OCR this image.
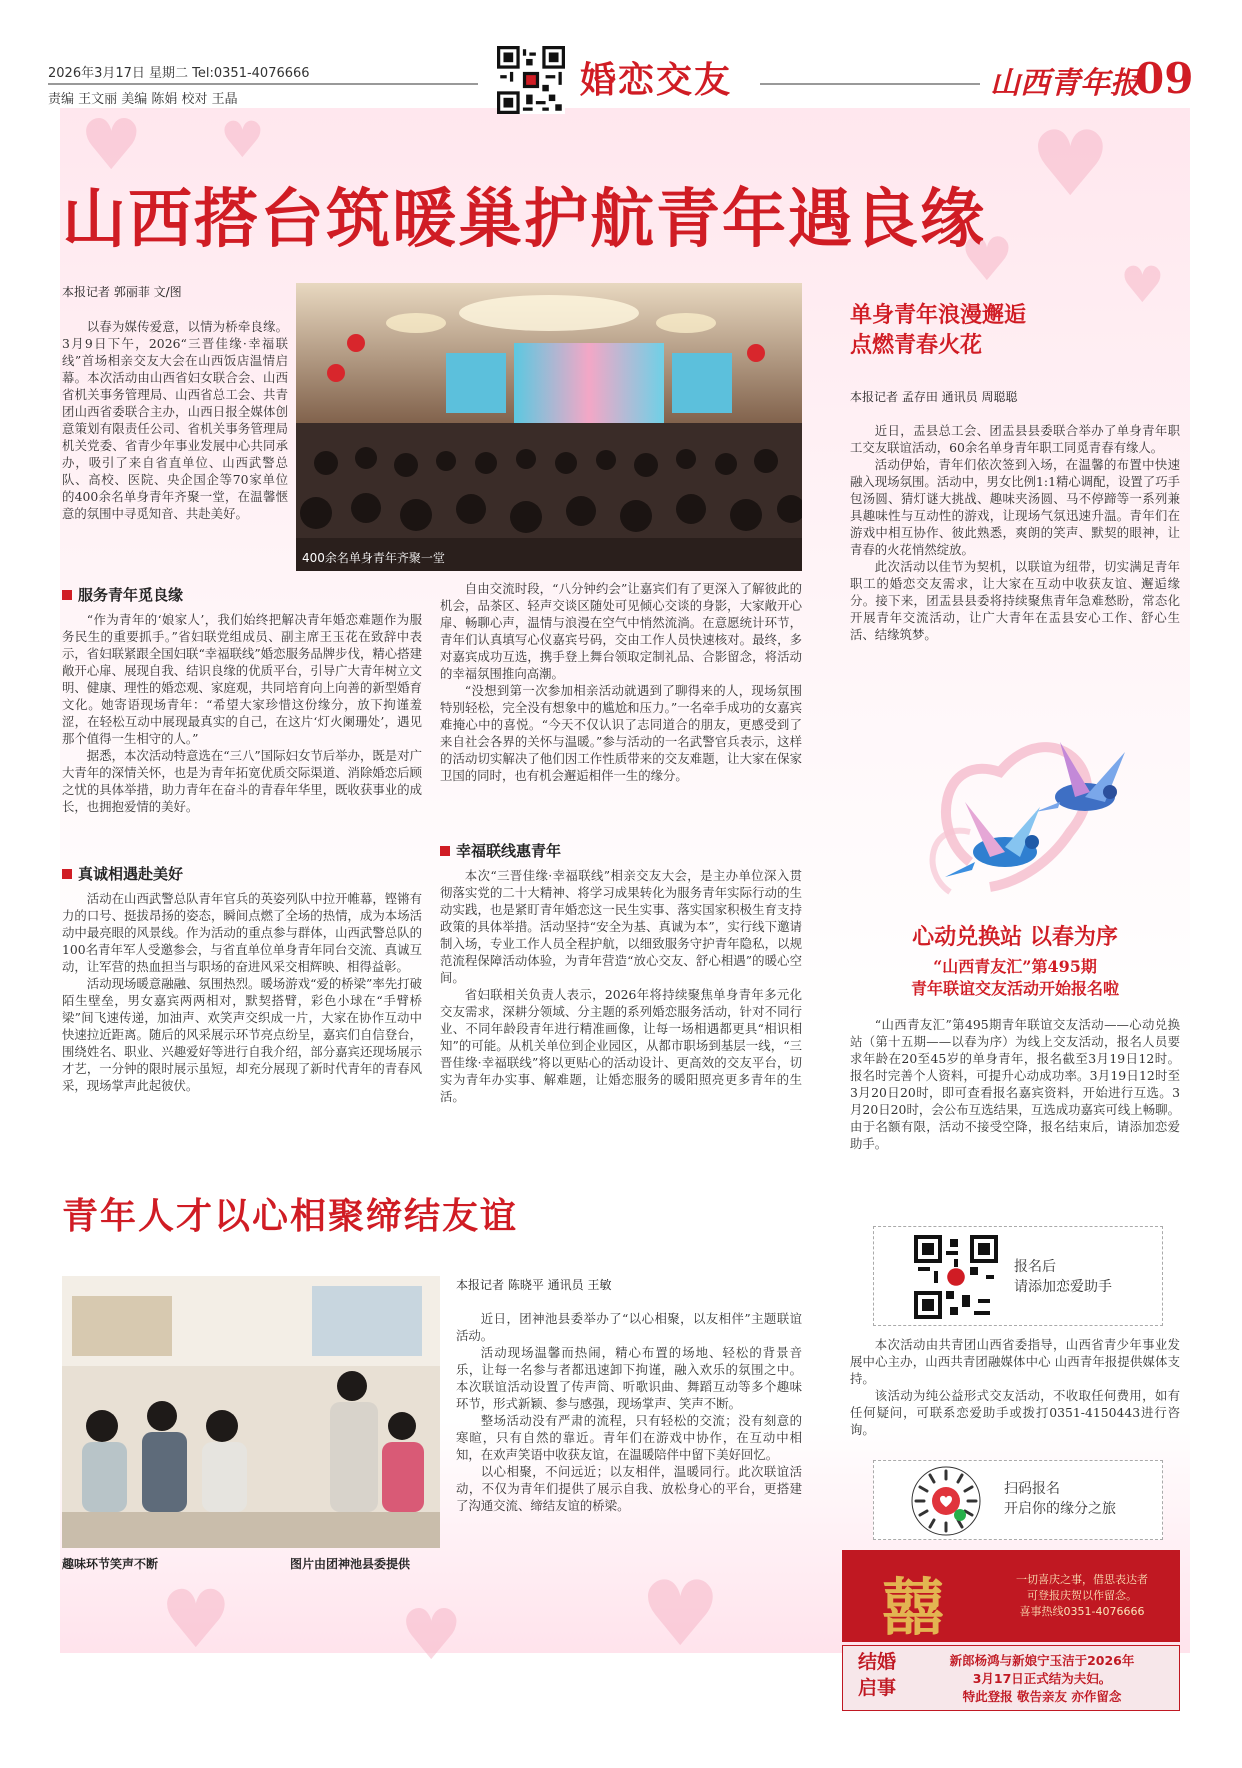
♥ ♥	♥
♥ ♥
♥ ♥ ♥
2026年3月17日 星期二 Tel:0351-4076666
责编 王文丽 美编 陈娟 校对 王晶	婚恋交友	山西青年报
09
山西搭台筑暖巢护航青年遇良缘
本报记者 郭丽菲 文/图

以春为媒传爱意，以情为桥牵良缘。3月9日下午，2026“三晋佳缘·幸福联线”首场相亲交友大会在山西饭店温情启幕。本次活动由山西省妇女联合会、山西省机关事务管理局、山西省总工会、共青团山西省委联合主办，山西日报全媒体创意策划有限责任公司、省机关事务管理局机关党委、省青少年事业发展中心共同承办，吸引了来自省直单位、山西武警总队、高校、医院、央企国企等70家单位的400余名单身青年齐聚一堂，在温馨惬意的氛围中寻觅知音、共赴美好。

400余名单身青年齐聚一堂
服务青年觅良缘

“作为青年的‘娘家人’，我们始终把解决青年婚恋难题作为服务民生的重要抓手。”省妇联党组成员、副主席王玉花在致辞中表示，省妇联紧跟全国妇联“幸福联线”婚恋服务品牌步伐，精心搭建敞开心扉、展现自我、结识良缘的优质平台，引导广大青年树立文明、健康、理性的婚恋观、家庭观，共同培育向上向善的新型婚育文化。她寄语现场青年：“希望大家珍惜这份缘分，放下拘谨羞涩，在轻松互动中展现最真实的自己，在这片‘灯火阑珊处’，遇见那个值得一生相守的人。”

据悉，本次活动特意选在“三八”国际妇女节后举办，既是对广大青年的深情关怀，也是为青年拓宽优质交际渠道、消除婚恋后顾之忧的具体举措，助力青年在奋斗的青春年华里，既收获事业的成长，也拥抱爱情的美好。

真诚相遇赴美好

活动在山西武警总队青年官兵的英姿列队中拉开帷幕，铿锵有力的口号、挺拔昂扬的姿态，瞬间点燃了全场的热情，成为本场活动中最亮眼的风景线。作为活动的重点参与群体，山西武警总队的100名青年军人受邀参会，与省直单位单身青年同台交流、真诚互动，让军营的热血担当与职场的奋进风采交相辉映、相得益彰。

活动现场暖意融融、氛围热烈。暖场游戏“爱的桥梁”率先打破陌生壁垒，男女嘉宾两两相对，默契搭臂，彩色小球在“手臂桥梁”间飞速传递，加油声、欢笑声交织成一片，大家在协作互动中快速拉近距离。随后的风采展示环节亮点纷呈，嘉宾们自信登台，围绕姓名、职业、兴趣爱好等进行自我介绍，部分嘉宾还现场展示才艺，一分钟的限时展示虽短，却充分展现了新时代青年的青春风采，现场掌声此起彼伏。

自由交流时段，“八分钟约会”让嘉宾们有了更深入了解彼此的机会，品茶区、轻声交谈区随处可见倾心交谈的身影，大家敞开心扉、畅聊心声，温情与浪漫在空气中悄然流淌。在意愿统计环节，青年们认真填写心仪嘉宾号码，交由工作人员快速核对。最终，多对嘉宾成功互选，携手登上舞台领取定制礼品、合影留念，将活动的幸福氛围推向高潮。

“没想到第一次参加相亲活动就遇到了聊得来的人，现场氛围特别轻松，完全没有想象中的尴尬和压力。”一名牵手成功的女嘉宾难掩心中的喜悦。“今天不仅认识了志同道合的朋友，更感受到了来自社会各界的关怀与温暖。”参与活动的一名武警官兵表示，这样的活动切实解决了他们因工作性质带来的交友难题，让大家在保家卫国的同时，也有机会邂逅相伴一生的缘分。

幸福联线惠青年

本次“三晋佳缘·幸福联线”相亲交友大会，是主办单位深入贯彻落实党的二十大精神、将学习成果转化为服务青年实际行动的生动实践，也是紧盯青年婚恋这一民生实事、落实国家积极生育支持政策的具体举措。活动坚持“安全为基、真诚为本”，实行线下邀请制入场，专业工作人员全程护航，以细致服务守护青年隐私，以规范流程保障活动体验，为青年营造“放心交友、舒心相遇”的暖心空间。

省妇联相关负责人表示，2026年将持续聚焦单身青年多元化交友需求，深耕分领域、分主题的系列婚恋服务活动，针对不同行业、不同年龄段青年进行精准画像，让每一场相遇都更具“相识相知”的可能。从机关单位到企业园区，从都市职场到基层一线，“三晋佳缘·幸福联线”将以更贴心的活动设计、更高效的交友平台，切实为青年办实事、解难题，让婚恋服务的暖阳照亮更多青年的生活。

单身青年浪漫邂逅
点燃青春火花
本报记者 孟存田 通讯员 周聪聪

近日，盂县总工会、团盂县县委联合举办了单身青年职工交友联谊活动，60余名单身青年职工同觅青春有缘人。

活动伊始，青年们依次签到入场，在温馨的布置中快速融入现场氛围。活动中，男女比例1:1精心调配，设置了巧手包汤圆、猜灯谜大挑战、趣味夹汤圆、马不停蹄等一系列兼具趣味性与互动性的游戏，让现场气氛迅速升温。青年们在游戏中相互协作、彼此熟悉，爽朗的笑声、默契的眼神，让青春的火花悄然绽放。

此次活动以佳节为契机，以联谊为纽带，切实满足青年职工的婚恋交友需求，让大家在互动中收获友谊、邂逅缘分。接下来，团盂县县委将持续聚焦青年急难愁盼，常态化开展青年交流活动，让广大青年在盂县安心工作、舒心生活、结缘筑梦。

心动兑换站 以春为序
“山西青友汇”第495期
青年联谊交友活动开始报名啦

“山西青友汇”第495期青年联谊交友活动——心动兑换站（第十五期——以春为序）为线上交友活动，报名人员要求年龄在20至45岁的单身青年，报名截至3月19日12时。报名时完善个人资料，可提升心动成功率。3月19日12时至3月20日20时，即可查看报名嘉宾资料，开始进行互选。3月20日20时，会公布互选结果，互选成功嘉宾可线上畅聊。由于名额有限，活动不接受空降，报名结束后，请添加恋爱助手。

报名后
请添加恋爱助手

本次活动由共青团山西省委指导，山西省青少年事业发展中心主办，山西共青团融媒体中心 山西青年报提供媒体支持。

该活动为纯公益形式交友活动，不收取任何费用，如有任何疑问，可联系恋爱助手或拨打0351-4150443进行咨询。

扫码报名
开启你的缘分之旅
青年人才以心相聚缔结友谊
趣味环节笑声不断	图片由团神池县委提供
本报记者 陈晓平 通讯员 王敏

近日，团神池县委举办了“以心相聚，以友相伴”主题联谊活动。

活动现场温馨而热闹，精心布置的场地、轻松的背景音乐，让每一名参与者都迅速卸下拘谨，融入欢乐的氛围之中。本次联谊活动设置了传声筒、听歌识曲、舞蹈互动等多个趣味环节，形式新颖、参与感强，现场掌声、笑声不断。

整场活动没有严肃的流程，只有轻松的交流；没有刻意的寒暄，只有自然的靠近。青年们在游戏中协作，在互动中相知，在欢声笑语中收获友谊，在温暖陪伴中留下美好回忆。

以心相聚，不问远近；以友相伴，温暖同行。此次联谊活动，不仅为青年们提供了展示自我、放松身心的平台，更搭建了沟通交流、缔结友谊的桥梁。

囍	一切喜庆之事，借思表达者
可登报庆贺以作留念。
喜事热线0351-4076666
结婚
启事
新郎杨鸿与新娘宁玉洁于2026年
3月17日正式结为夫妇。
特此登报 敬告亲友 亦作留念
